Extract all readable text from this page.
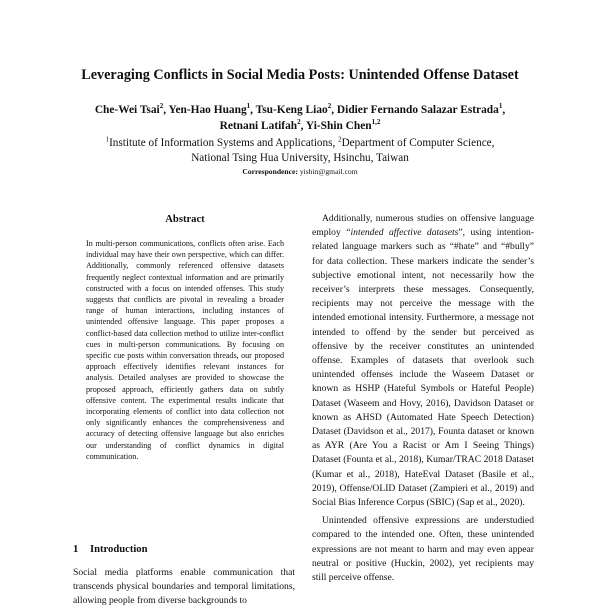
Leveraging Conflicts in Social Media Posts: Unintended Offense Dataset
Che-Wei Tsai$^2$, Yen-Hao Huang$^1$, Tsu-Keng Liao$^2$, Didier Fernando Salazar Estrada$^1$,
Retnani Latifah$^2$, Yi-Shin Chen$^{1,2}$
$^1$Institute of Information Systems and Applications, $^2$Department of Computer Science,
National Tsing Hua University, Hsinchu, Taiwan
Correspondence: yishin@gmail.com
Abstract
In multi-person communications, conflicts often arise. Each individual may have their own perspective, which can differ. Additionally, commonly referenced offensive datasets frequently neglect contextual information and are primarily constructed with a focus on intended offenses. This study suggests that conflicts are pivotal in revealing a broader range of human interactions, including instances of unintended offensive language. This paper proposes a conflict-based data collection method to utilize inter-conflict cues in multi-person communications. By focusing on specific cue posts within conversation threads, our proposed approach effectively identifies relevant instances for analysis. Detailed analyses are provided to showcase the proposed approach, efficiently gathers data on subtly offensive content. The experimental results indicate that incorporating elements of conflict into data collection not only significantly enhances the comprehensiveness and accuracy of detecting offensive language but also enriches our understanding of conflict dynamics in digital communication.
1 Introduction
Social media platforms enable communication that transcends physical boundaries and temporal limitations, allowing people from diverse backgrounds to

Additionally, numerous studies on offensive language employ “intended affective datasets”, using intention-related language markers such as “#hate” and “#bully” for data collection. These markers indicate the sender’s subjective emotional intent, not necessarily how the receiver’s interprets these messages. Consequently, recipients may not perceive the message with the intended emotional intensity. Furthermore, a message not intended to offend by the sender but perceived as offensive by the receiver constitutes an unintended offense. Examples of datasets that overlook such unintended offenses include the Waseem Dataset or known as HSHP (Hateful Symbols or Hateful People) Dataset (Waseem and Hovy, 2016), Davidson Dataset or known as AHSD (Automated Hate Speech Detection) Dataset (Davidson et al., 2017), Founta dataset or known as AYR (Are You a Racist or Am I Seeing Things) Dataset (Founta et al., 2018), Kumar/TRAC 2018 Dataset (Kumar et al., 2018), HateEval Dataset (Basile et al., 2019), Offense/OLID Dataset (Zampieri et al., 2019) and Social Bias Inference Corpus (SBIC) (Sap et al., 2020).

Unintended offensive expressions are understudied compared to the intended one. Often, these unintended expressions are not meant to harm and may even appear neutral or positive (Huckin, 2002), yet recipients may still perceive offense.
